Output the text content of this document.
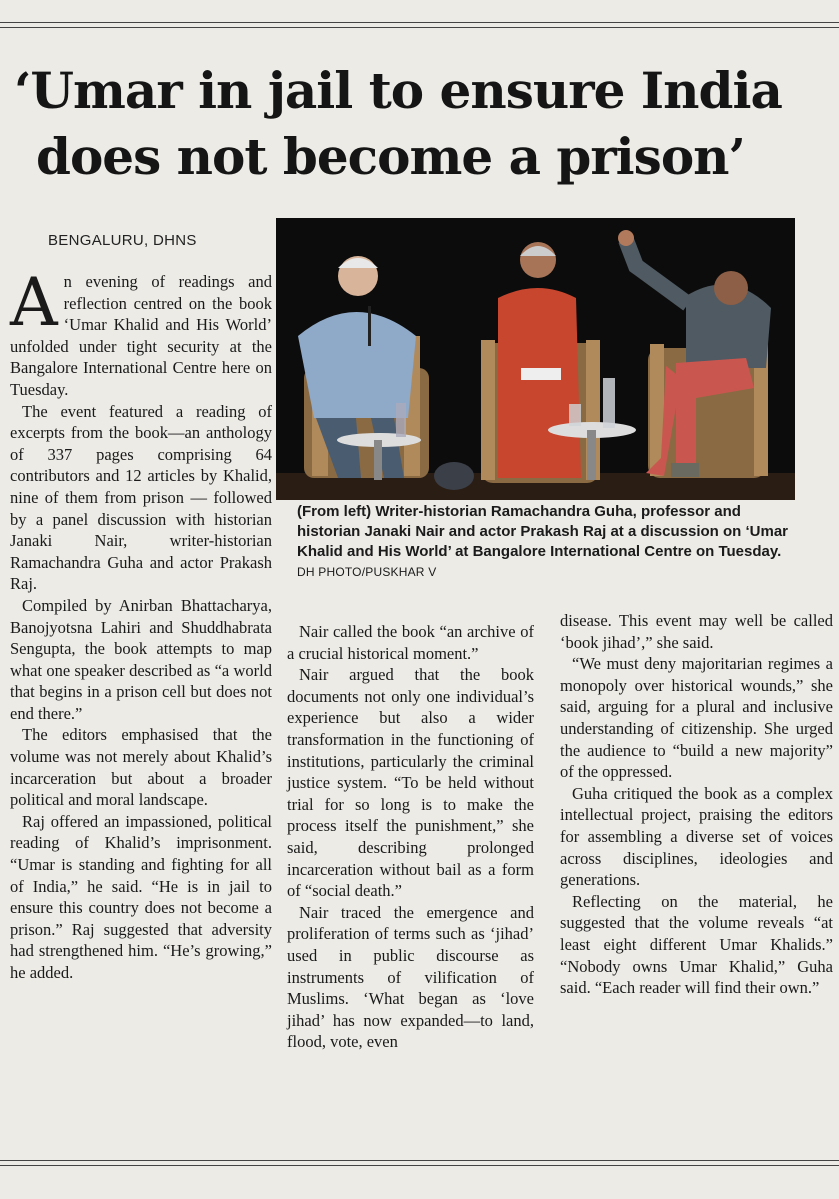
‘Umar in jail to ensure India
does not become a prison’
BENGALURU, DHNS
(From left) Writer-historian Ramachandra Guha, professor and historian Janaki Nair and actor Prakash Raj at a discussion on ‘Umar Khalid and His World’ at Bangalore International Centre on Tuesday. DH PHOTO/PUSKHAR V

An evening of readings and reflection centred on the book ‘Umar Khalid and His World’ unfolded under tight security at the Bangalore International Centre here on Tuesday.

The event featured a reading of excerpts from the book—an anthology of 337 pages comprising 64 contributors and 12 articles by Khalid, nine of them from prison — followed by a panel discussion with historian Janaki Nair, writer-historian Ramachandra Guha and actor Prakash Raj.

Compiled by Anirban Bhattacharya, Banojyotsna Lahiri and Shuddhabrata Sengupta, the book attempts to map what one speaker described as “a world that begins in a prison cell but does not end there.”

The editors emphasised that the volume was not merely about Khalid’s incarceration but about a broader political and moral landscape.

Raj offered an impassioned, political reading of Khalid’s imprisonment. “Umar is standing and fighting for all of India,” he said. “He is in jail to ensure this country does not become a prison.” Raj suggested that adversity had strengthened him. “He’s growing,” he added.

Nair called the book “an archive of a crucial historical moment.”

Nair argued that the book documents not only one individual’s experience but also a wider transformation in the functioning of institutions, particularly the criminal justice system. “To be held without trial for so long is to make the process itself the punishment,” she said, describing prolonged incarceration without bail as a form of “social death.”

Nair traced the emergence and proliferation of terms such as ‘jihad’ used in public discourse as instruments of vilification of Muslims. ‘What began as ‘love jihad’ has now expanded—to land, flood, vote, even

disease. This event may well be called ‘book jihad’,” she said.

“We must deny majoritarian regimes a monopoly over historical wounds,” she said, arguing for a plural and inclusive understanding of citizenship. She urged the audience to “build a new majority” of the oppressed.

Guha critiqued the book as a complex intellectual project, praising the editors for assembling a diverse set of voices across disciplines, ideologies and generations.

Reflecting on the material, he suggested that the volume reveals “at least eight different Umar Khalids.” “Nobody owns Umar Khalid,” Guha said. “Each reader will find their own.”
